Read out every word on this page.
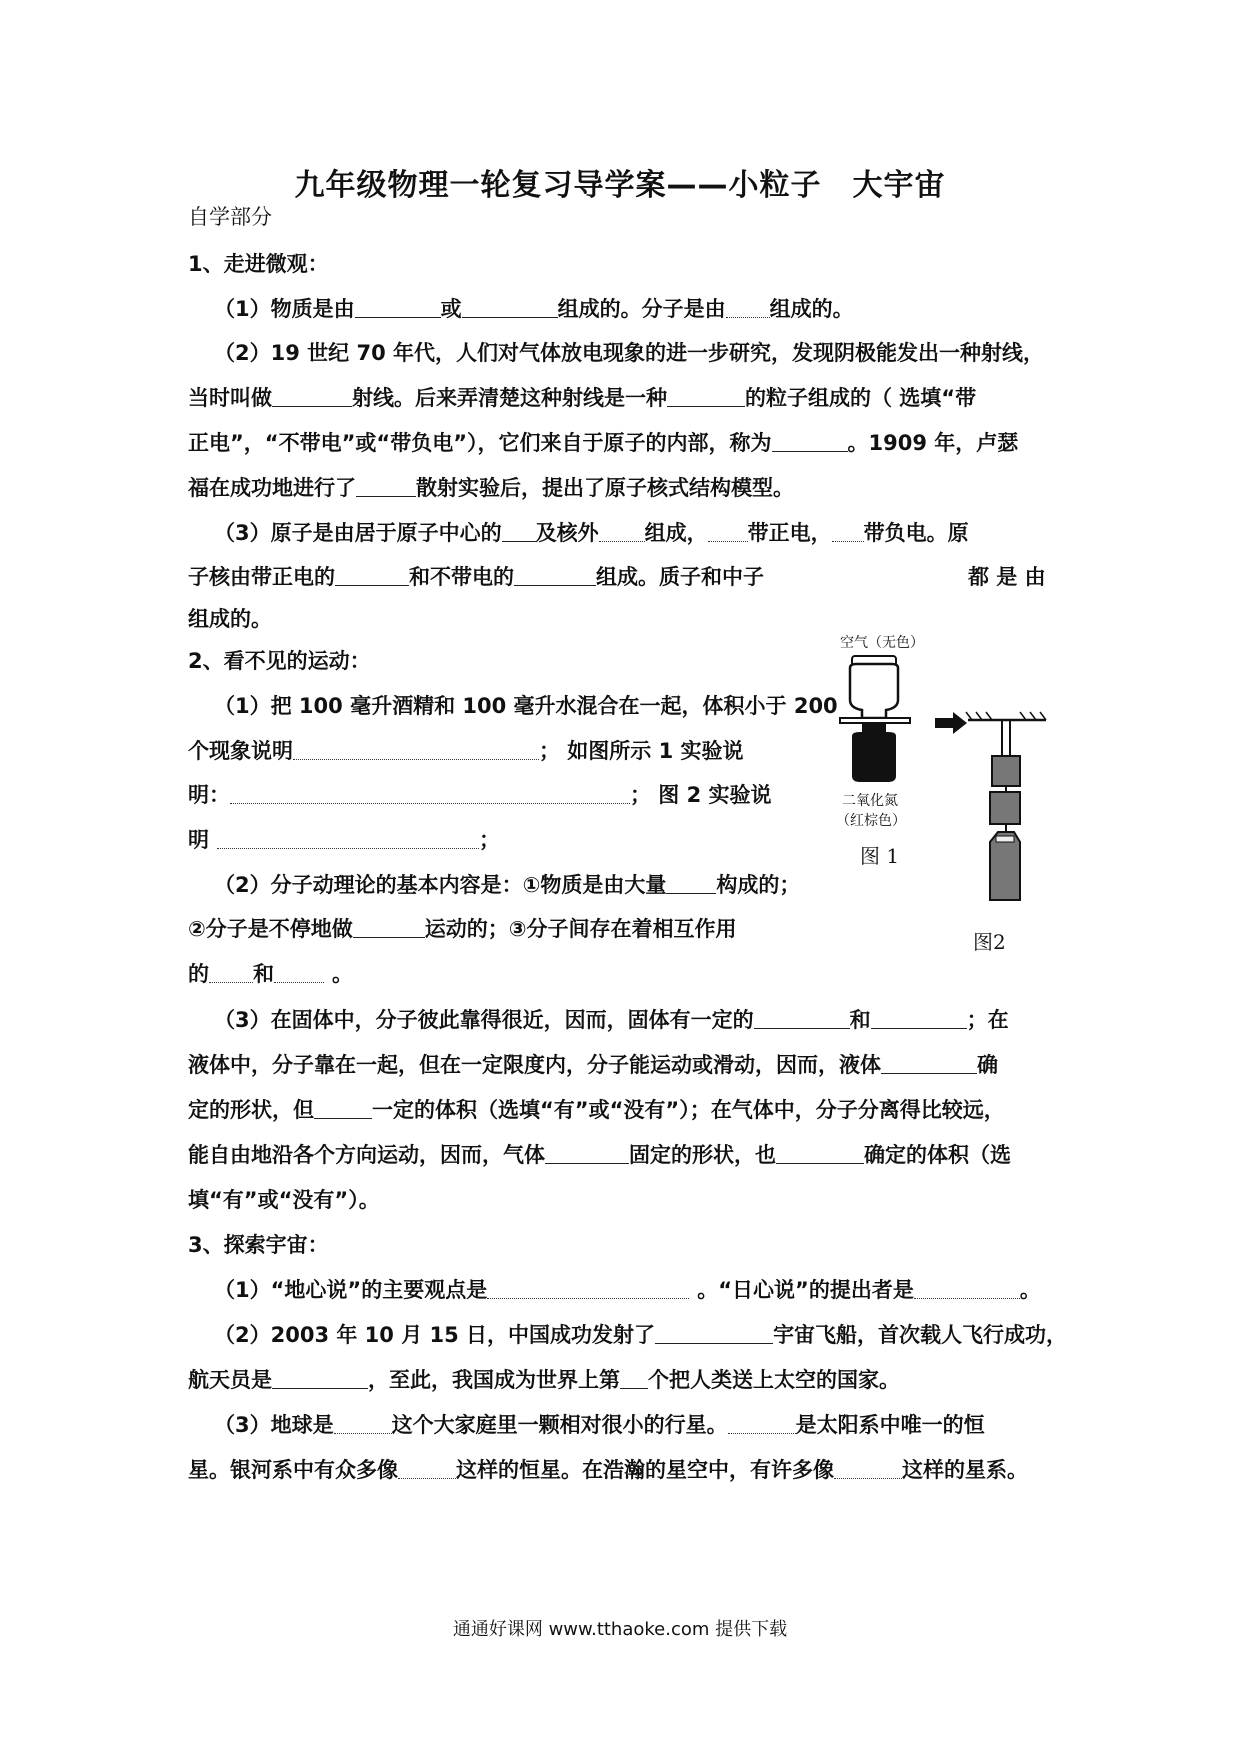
九年级物理一轮复习导学案——小粒子　大宇宙
自学部分
1、走进微观：
（1）物质是由	或	组成的。分子是由 组成的。
（2）19 世纪 70 年代，人们对气体放电现象的进一步研究，发现阴极能发出一种射线，
当时叫做	射线。后来弄清楚这种射线是一种	的粒子组成的（ 选填“带
正电”，“不带电”或“带负电”），它们来自于原子的内部，称为	。1909 年，卢瑟
福在成功地进行了	散射实验后，提出了原子核式结构模型。
（3）原子是由居于原子中心的 及核外 组成， 带正电， 带负电。原
子核由带正电的	和不带电的	组成。质子和中子	都 是 由
组成的。
2、看不见的运动：
（1）把 100 毫升酒精和 100 毫升水混合在一起，体积小于 200
个现象说明	； 如图所示 1 实验说
明：	； 图 2 实验说
明	；
（2）分子动理论的基本内容是：①物质是由大量 构成的；
②分子是不停地做	运动的；③分子间存在着相互作用
的 和	。
（3）在固体中，分子彼此靠得很近，因而，固体有一定的	和	；在
液体中，分子靠在一起，但在一定限度内，分子能运动或滑动，因而，液体	确
定的形状，但	一定的体积（选填“有”或“没有”）；在气体中，分子分离得比较远，
能自由地沿各个方向运动，因而，气体	固定的形状，也	确定的体积（选
填“有”或“没有”）。
3、探索宇宙：
（1）“地心说”的主要观点是	。“日心说”的提出者是	。
（2）2003 年 10 月 15 日，中国成功发射了	宇宙飞船，首次载人飞行成功，
航天员是	，至此，我国成为世界上第 个把人类送上太空的国家。
（3）地球是	这个大家庭里一颗相对很小的行星。	是太阳系中唯一的恒
星。银河系中有众多像	这样的恒星。在浩瀚的星空中，有许多像	这样的星系。
空气（无色）
二氧化氮
（红棕色）
图 1
图2
通通好课网 www.tthaoke.com 提供下载
